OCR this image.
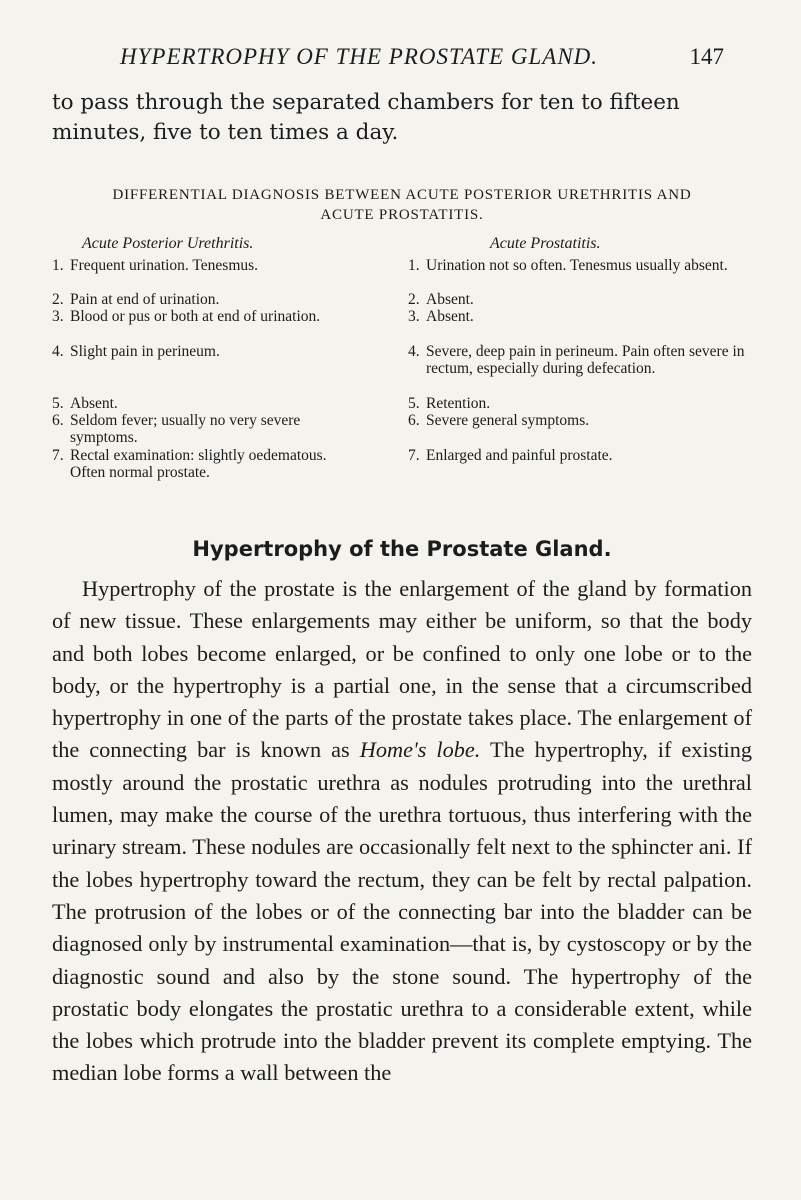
HYPERTROPHY OF THE PROSTATE GLAND.	147
to pass through the separated chambers for ten to fifteen minutes, five to ten times a day.
DIFFERENTIAL DIAGNOSIS BETWEEN ACUTE POSTERIOR URETHRITIS AND
ACUTE PROSTATITIS.
Acute Posterior Urethritis.	Acute Prostatitis.
1. Frequent urination. Tenesmus.
2. Pain at end of urination.
3. Blood or pus or both at end of urination.
4. Slight pain in perineum.
5. Absent.
6. Seldom fever; usually no very severe symptoms.
7. Rectal examination: slightly oedematous. Often normal prostate.
1. Urination not so often. Tenesmus usually absent.
2. Absent.
3. Absent.
4. Severe, deep pain in perineum. Pain often severe in rectum, especially during defecation.
5. Retention.
6. Severe general symptoms.
7. Enlarged and painful prostate.
Hypertrophy of the Prostate Gland.

Hypertrophy of the prostate is the enlargement of the gland by formation of new tissue. These enlargements may either be uniform, so that the body and both lobes become enlarged, or be confined to only one lobe or to the body, or the hypertrophy is a partial one, in the sense that a circumscribed hypertrophy in one of the parts of the prostate takes place. The enlargement of the connecting bar is known as Home's lobe. The hypertrophy, if existing mostly around the prostatic urethra as nodules protruding into the urethral lumen, may make the course of the urethra tortuous, thus interfering with the urinary stream. These nodules are occasionally felt next to the sphincter ani. If the lobes hypertrophy toward the rectum, they can be felt by rectal palpation. The protrusion of the lobes or of the connecting bar into the bladder can be diagnosed only by instrumental examination—that is, by cystoscopy or by the diagnostic sound and also by the stone sound. The hypertrophy of the prostatic body elongates the prostatic urethra to a considerable extent, while the lobes which protrude into the bladder prevent its complete emptying. The median lobe forms a wall between the
